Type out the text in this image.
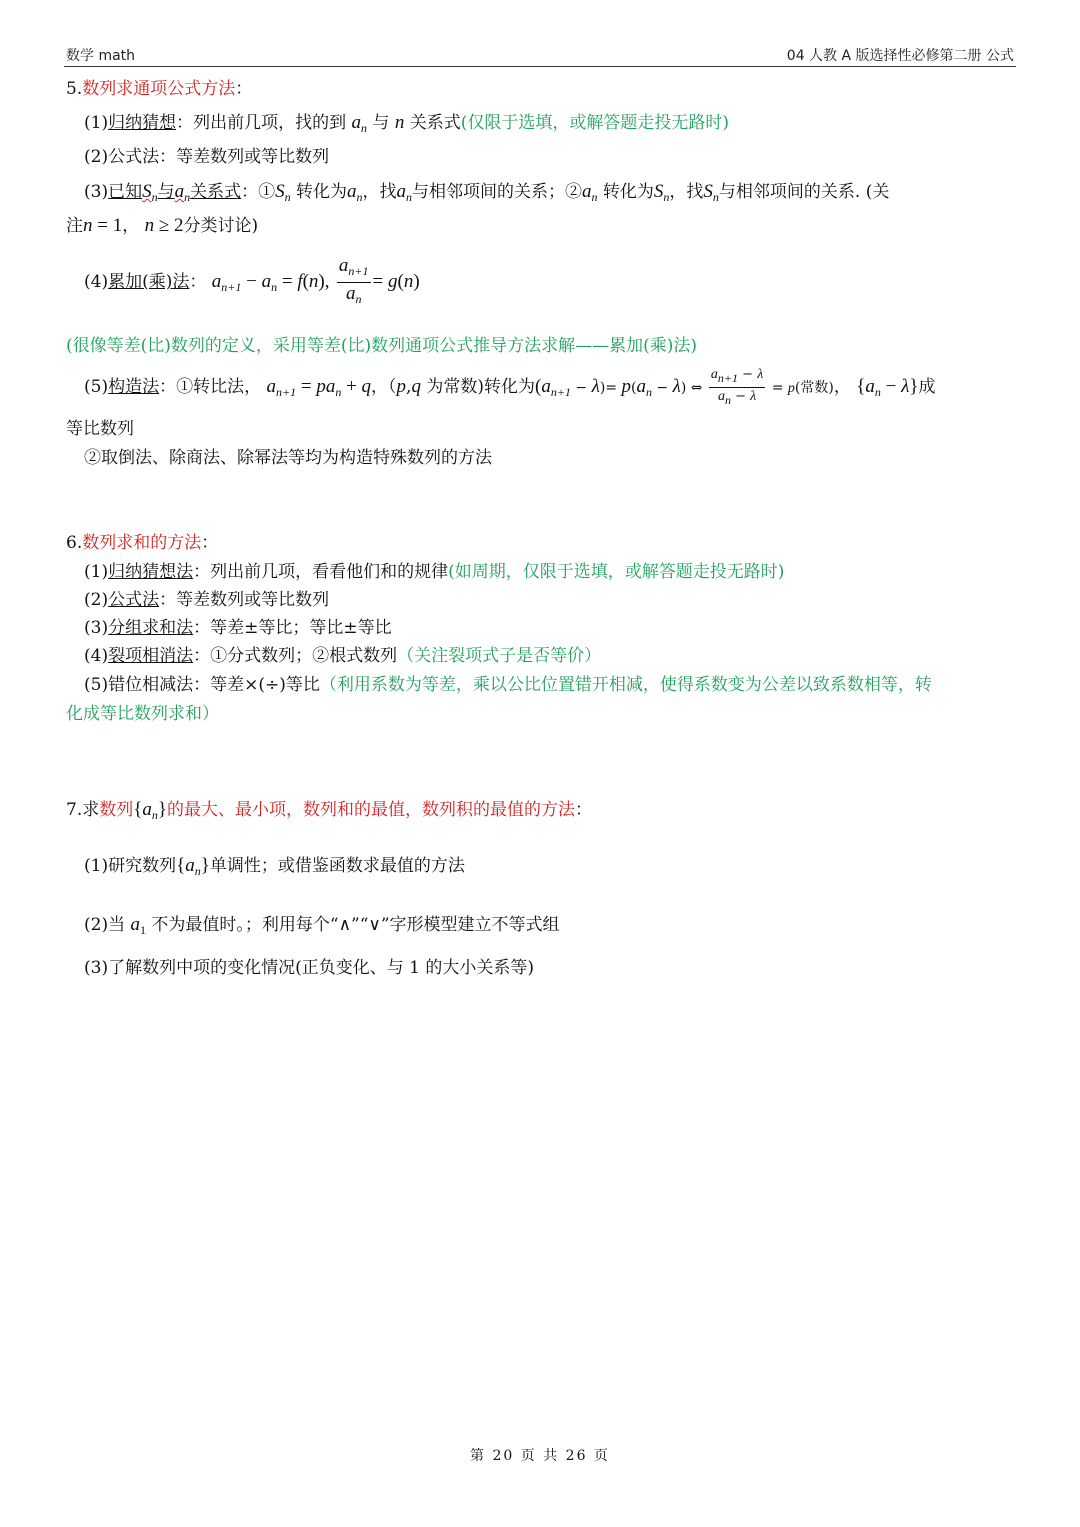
数学 math	04 人教 A 版选择性必修第二册 公式
5.数列求通项公式方法：
(1)归纳猜想：列出前几项，找的到 $a_n$ 与 n 关系式(仅限于选填，或解答题走投无路时)
(2)公式法：等差数列或等比数列
(3)已知$S_n$与$a_n$关系式：$①S_n$ 转化为$a_n$，找$a_n$与相邻项间的关系；$②a_n$ 转化为$S_n$，找$S_n$与相邻项间的关系. (关
注n = 1， n ≥ 2分类讨论)
(4)累加(乘)法： $a_{n+1} - a_n = f(n)$, $\frac{a_{n+1}}{a_n} = g(n)$
(很像等差(比)数列的定义，采用等差(比)数列通项公式推导方法求解——累加(乘)法)
(5)构造法：①转比法， $a_{n+1} = pa_n + q$，（p,q 为常数)转化为$(a_{n+1} - \lambda)= p(a_n - \lambda)$ ⇔ $\frac{a_{n+1} - \lambda}{a_n - \lambda} = p$(常数)， $\{a_n - \lambda\}$成
等比数列
②取倒法、除商法、除幂法等均为构造特殊数列的方法
6.数列求和的方法：
(1)归纳猜想法：列出前几项，看看他们和的规律(如周期，仅限于选填，或解答题走投无路时)
(2)公式法：等差数列或等比数列
(3)分组求和法：等差±等比；等比±等比
(4)裂项相消法：①分式数列；②根式数列（关注裂项式子是否等价）
(5)错位相减法：等差×(÷)等比（利用系数为等差，乘以公比位置错开相减，使得系数变为公差以致系数相等，转
化成等比数列求和）
7.求数列$\{a_n\}$的最大、最小项，数列和的最值，数列积的最值的方法：
(1)研究数列$\{a_n\}$单调性；或借鉴函数求最值的方法
(2)当 $a_1$ 不为最值时。；利用每个“∧”“∨”字形模型建立不等式组
(3)了解数列中项的变化情况(正负变化、与 1 的大小关系等)
第 20 页 共 26 页
